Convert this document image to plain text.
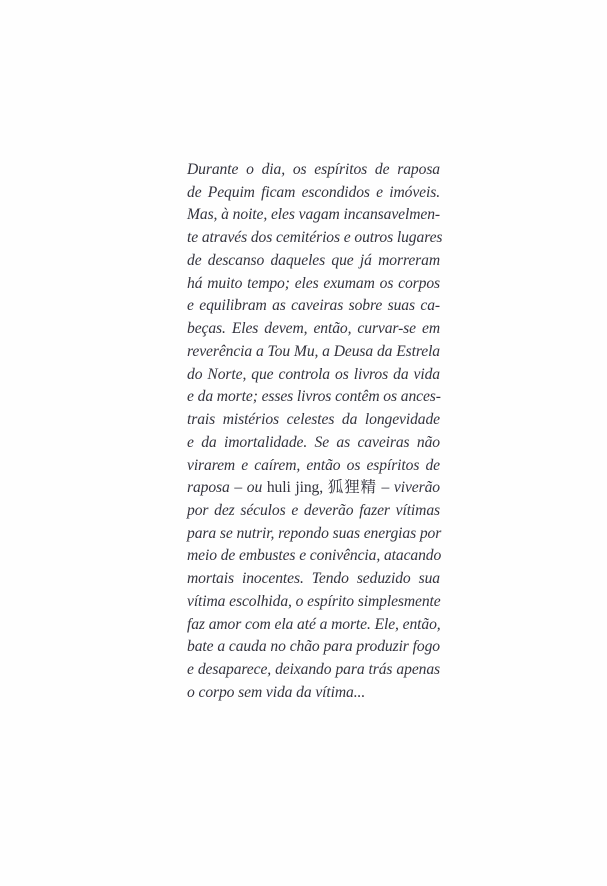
Durante o dia, os espíritos de raposa
de Pequim ficam escondidos e imóveis.
Mas, à noite, eles vagam incansavelmen-
te através dos cemitérios e outros lugares
de descanso daqueles que já morreram
há muito tempo; eles exumam os corpos
e equilibram as caveiras sobre suas ca-
beças. Eles devem, então, curvar-se em
reverência a Tou Mu, a Deusa da Estrela
do Norte, que controla os livros da vida
e da morte; esses livros contêm os ances-
trais mistérios celestes da longevidade
e da imortalidade. Se as caveiras não
virarem e caírem, então os espíritos de
raposa – ou huli jing, 狐狸精 – viverão
por dez séculos e deverão fazer vítimas
para se nutrir, repondo suas energias por
meio de embustes e conivência, atacando
mortais inocentes. Tendo seduzido sua
vítima escolhida, o espírito simplesmente
faz amor com ela até a morte. Ele, então,
bate a cauda no chão para produzir fogo
e desaparece, deixando para trás apenas
o corpo sem vida da vítima...
